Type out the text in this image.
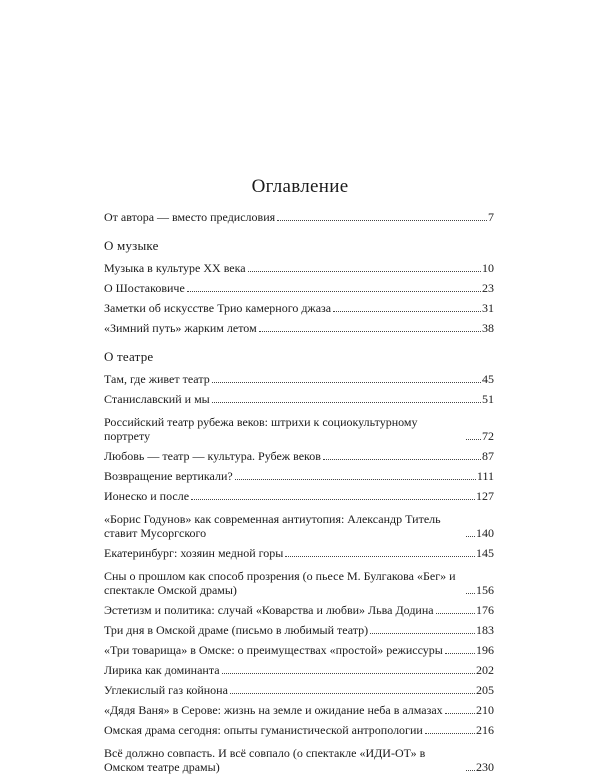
Оглавление
От автора — вместо предисловия	7
О музыке
Музыка в культуре XX века	10
О Шостаковиче	23
Заметки об искусстве Трио камерного джаза	31
«Зимний путь» жарким летом	38
О театре
Там, где живет театр	45
Станиславский и мы	51
Российский театр рубежа веков: штрихи к социокультурному портрету	72
Любовь — театр — культура. Рубеж веков	87
Возвращение вертикали?	111
Ионеско и после	127
«Борис Годунов» как современная антиутопия: Александр Титель ставит Мусоргского	140
Екатеринбург: хозяин медной горы	145
Сны о прошлом как способ прозрения (о пьесе М. Булгакова «Бег» и спектакле Омской драмы)	156
Эстетизм и политика: случай «Коварства и любви» Льва Додина	176
Три дня в Омской драме (письмо в любимый театр)	183
«Три товарища» в Омске: о преимуществах «простой» режиссуры	196
Лирика как доминанта	202
Углекислый газ койнона	205
«Дядя Ваня» в Серове: жизнь на земле и ожидание неба в алмазах	210
Омская драма сегодня: опыты гуманистической антропологии	216
Всё должно совпасть. И всё совпало (о спектакле «ИДИ-ОТ» в Омском театре драмы)	230
